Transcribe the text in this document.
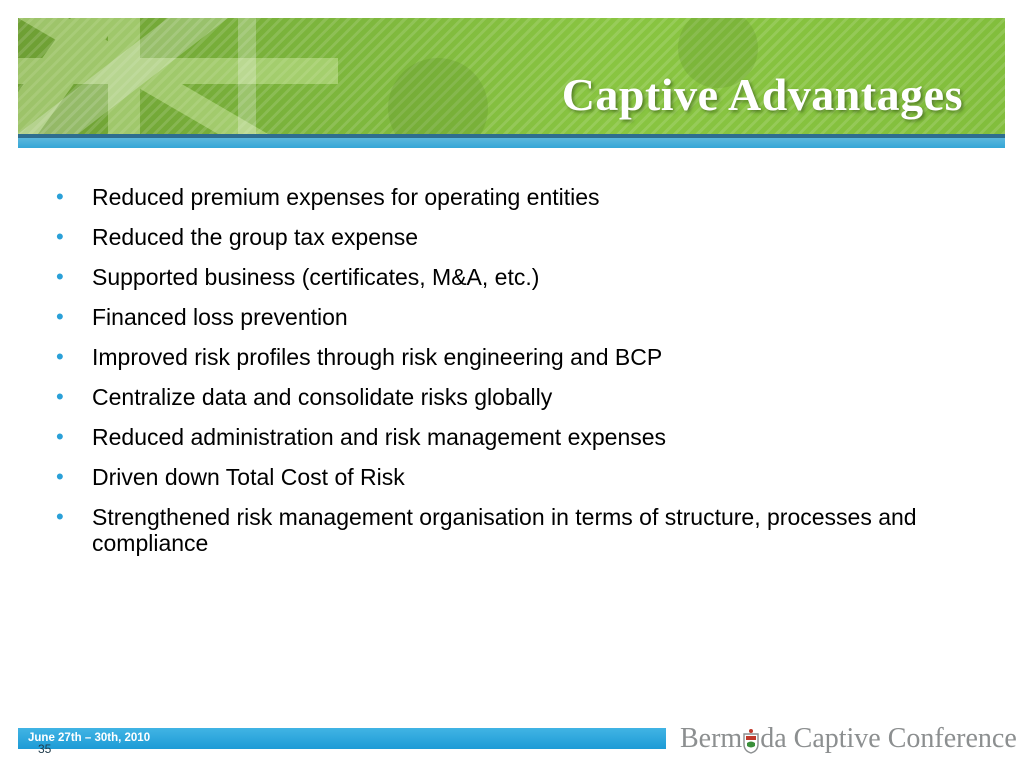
Captive Advantages
• Reduced premium expenses for operating entities
• Reduced the group tax expense
• Supported business (certificates, M&A, etc.)
• Financed loss prevention
• Improved risk profiles through risk engineering and BCP
• Centralize data and consolidate risks globally
• Reduced administration and risk management expenses
• Driven down Total Cost of Risk
• Strengthened risk management organisation in terms of structure, processes and compliance
June 27th – 30th, 2010
35	Berm da Captive Conference
